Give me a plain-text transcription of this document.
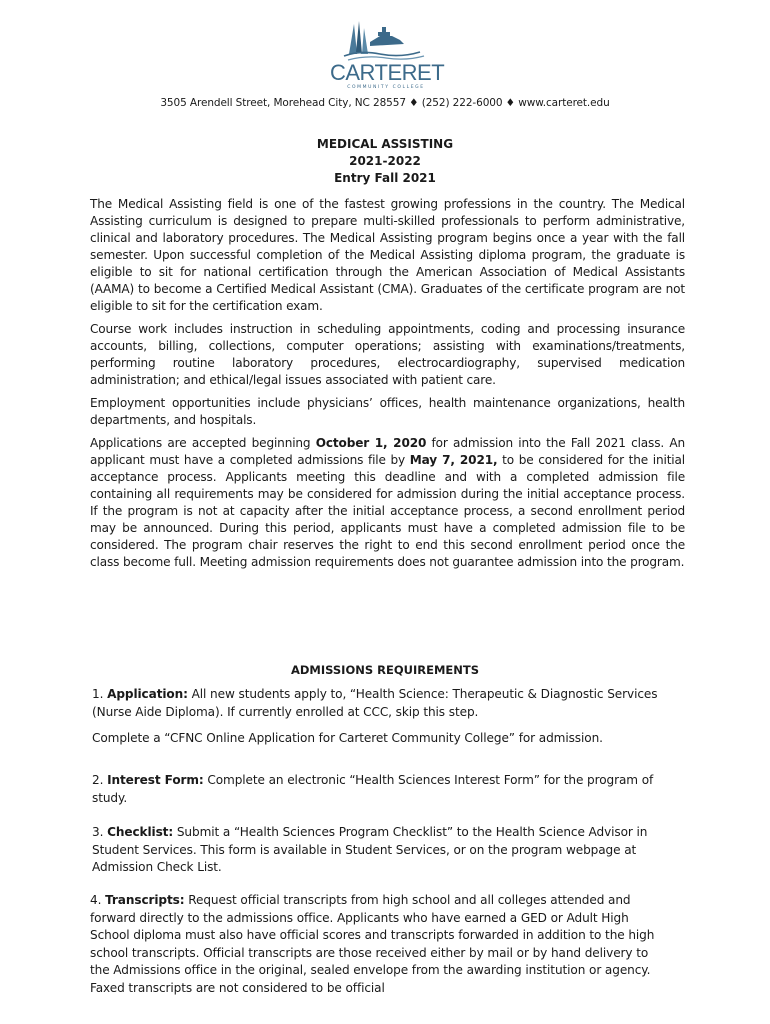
CARTERET
COMMUNITY COLLEGE
3505 Arendell Street, Morehead City, NC 28557 ♦ (252) 222-6000 ♦ www.carteret.edu
MEDICAL ASSISTING
2021-2022
Entry Fall 2021

The Medical Assisting field is one of the fastest growing professions in the country. The Medical Assisting curriculum is designed to prepare multi-skilled professionals to perform administrative, clinical and laboratory procedures. The Medical Assisting program begins once a year with the fall semester. Upon successful completion of the Medical Assisting diploma program, the graduate is eligible to sit for national certification through the American Association of Medical Assistants (AAMA) to become a Certified Medical Assistant (CMA). Graduates of the certificate program are not eligible to sit for the certification exam.

Course work includes instruction in scheduling appointments, coding and processing insurance accounts, billing, collections, computer operations; assisting with examinations/treatments, performing routine laboratory procedures, electrocardiography, supervised medication administration; and ethical/legal issues associated with patient care.

Employment opportunities include physicians’ offices, health maintenance organizations, health departments, and hospitals.

Applications are accepted beginning October 1, 2020 for admission into the Fall 2021 class. An applicant must have a completed admissions file by May 7, 2021, to be considered for the initial acceptance process. Applicants meeting this deadline and with a completed admission file containing all requirements may be considered for admission during the initial acceptance process. If the program is not at capacity after the initial acceptance process, a second enrollment period may be announced. During this period, applicants must have a completed admission file to be considered. The program chair reserves the right to end this second enrollment period once the class become full. Meeting admission requirements does not guarantee admission into the program.

ADMISSIONS REQUIREMENTS

1. Application: All new students apply to, “Health Science: Therapeutic & Diagnostic Services (Nurse Aide Diploma). If currently enrolled at CCC, skip this step.

Complete a “CFNC Online Application for Carteret Community College” for admission.

2. Interest Form: Complete an electronic “Health Sciences Interest Form” for the program of study.

3. Checklist: Submit a “Health Sciences Program Checklist” to the Health Science Advisor in Student Services. This form is available in Student Services, or on the program webpage at Admission Check List.

4. Transcripts: Request official transcripts from high school and all colleges attended and forward directly to the admissions office. Applicants who have earned a GED or Adult High School diploma must also have official scores and transcripts forwarded in addition to the high school transcripts. Official transcripts are those received either by mail or by hand delivery to the Admissions office in the original, sealed envelope from the awarding institution or agency. Faxed transcripts are not considered to be official
